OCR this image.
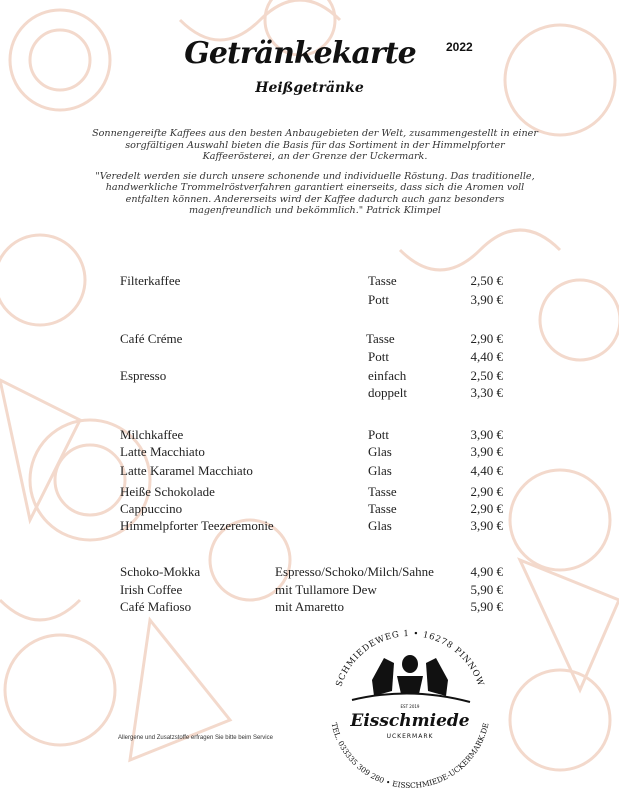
Getränkekarte	2022
Heißgetränke

Sonnengereifte Kaffees aus den besten Anbaugebieten der Welt, zusammengestellt in einer sorgfältigen Auswahl bieten die Basis für das Sortiment in der Himmelpforter Kaffeerösterei, an der Grenze der Uckermark.

"Veredelt werden sie durch unsere schonende und individuelle Röstung. Das traditionelle, handwerkliche Trommelröstverfahren garantiert einerseits, dass sich die Aromen voll entfalten können. Andererseits wird der Kaffee dadurch auch ganz besonders magenfreundlich und bekömmlich." Patrick Klimpel

Filterkaffee	Tasse	2,50 €
Pott	3,90 €
Café Créme	Tasse	2,90 €
Pott	4,40 €
Espresso	einfach	2,50 €
doppelt	3,30 €
Milchkaffee	Pott	3,90 €
Latte Macchiato	Glas	3,90 €
Latte Karamel Macchiato	Glas	4,40 €
Heiße Schokolade	Tasse	2,90 €
Cappuccino	Tasse	2,90 €
Himmelpforter Teezeremonie	Glas	3,90 €
Schoko-Mokka	Espresso/Schoko/Milch/Sahne	4,90 €
Irish Coffee	mit Tullamore Dew	5,90 €
Café Mafioso	mit Amaretto	5,90 €
Allergene und Zusatzstoffe erfragen Sie bitte beim Service
SCHMIEDEWEG 1 • 16278 PINNOW
TEL. 033335 309 280 • EISSCHMIEDE-UCKERMARK.DE
EST 2019
Eisschmiede
UCKERMARK
